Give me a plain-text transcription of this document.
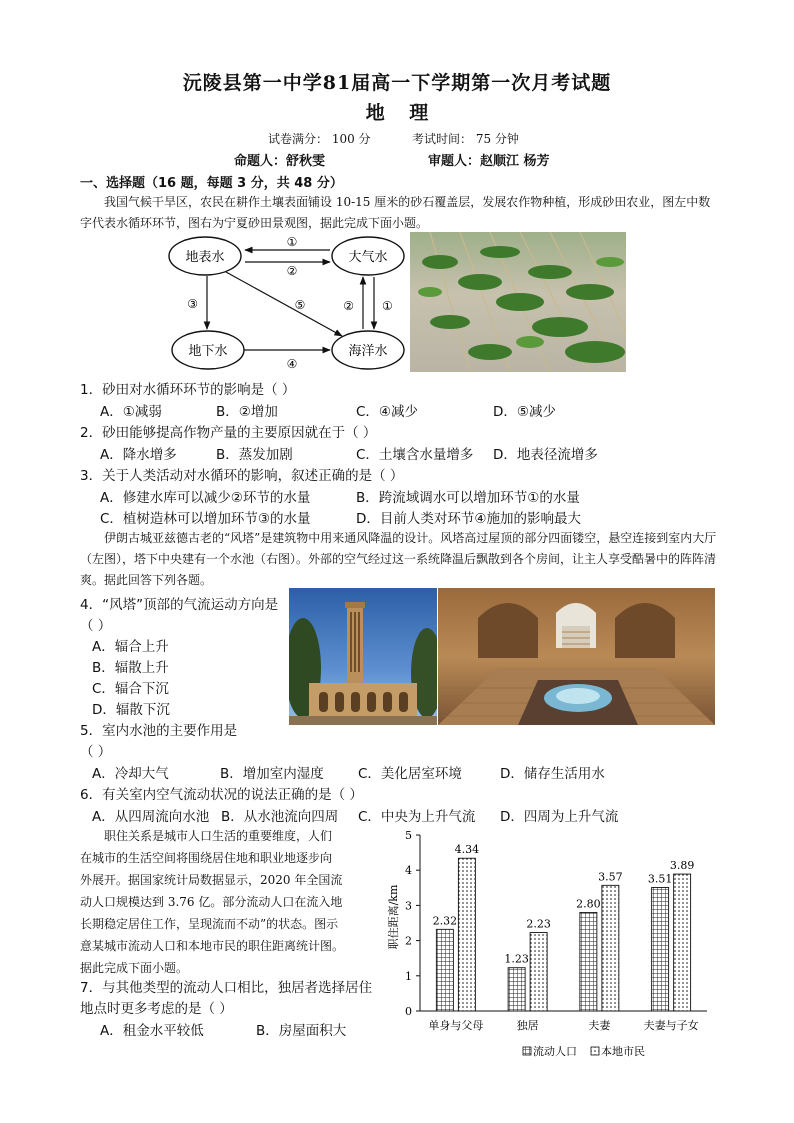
沅陵县第一中学81届高一下学期第一次月考试题
地 理
试卷满分： 100 分	考试时间： 75 分钟
命题人：舒秋雯	审题人：赵顺江 杨芳
一、选择题（16 题，每题 3 分，共 48 分）
我国气候干旱区，农民在耕作土壤表面铺设 10-15 厘米的砂石覆盖层，发展农作物种植，形成砂田农业，图左中数字代表水循环环节，图右为宁夏砂田景观图，据此完成下面小题。
地表水	大气水
地下水	海洋水
①
②
③	⑤	② ①
④
1．砂田对水循环环节的影响是（ ）
A．①减弱	B．②增加	C．④减少	D．⑤减少
2．砂田能够提高作物产量的主要原因就在于（ ）
A．降水增多	B．蒸发加剧	C．土壤含水量增多 D．地表径流增多
3．关于人类活动对水循环的影响，叙述正确的是（ ）
A．修建水库可以减少②环节的水量	B．跨流域调水可以增加环节①的水量
C．植树造林可以增加环节③的水量	D．目前人类对环节④施加的影响最大
伊朗古城亚兹德古老的“风塔”是建筑物中用来通风降温的设计。风塔高过屋顶的部分四面镂空，悬空连接到室内大厅（左图），塔下中央建有一个水池（右图）。外部的空气经过这一系统降温后飘散到各个房间，让主人享受酷暑中的阵阵清爽。据此回答下列各题。
4．“风塔”顶部的气流运动方向是
（ ）
A．辐合上升
B．辐散上升
C．辐合下沉
D．辐散下沉
5．室内水池的主要作用是
（ ）
A．冷却大气	B．增加室内湿度	C．美化居室环境	D．储存生活用水
6．有关室内空气流动状况的说法正确的是（ ）
A．从四周流向水池 B．从水池流向四周 C．中央为上升气流 D．四周为上升气流
职住关系是城市人口生活的重要维度，人们
在城市的生活空间将围绕居住地和职业地逐步向
外展开。据国家统计局数据显示，2020 年全国流
动人口规模达到 3.76 亿。部分流动人口在流入地
长期稳定居住工作，呈现流而不动”的状态。图示
意某城市流动人口和本地市民的职住距离统计图。
据此完成下面小题。
7．与其他类型的流动人口相比，独居者选择居住
地点时更多考虑的是（ ）
A．租金水平较低	B．房屋面积大
0
1
2
3
4
5
2.32
4.34
单身与父母
1.23
2.23
独居
2.80
3.57
夫妻
3.51
3.89
夫妻与子女
职住距离/km
流动人口 本地市民
